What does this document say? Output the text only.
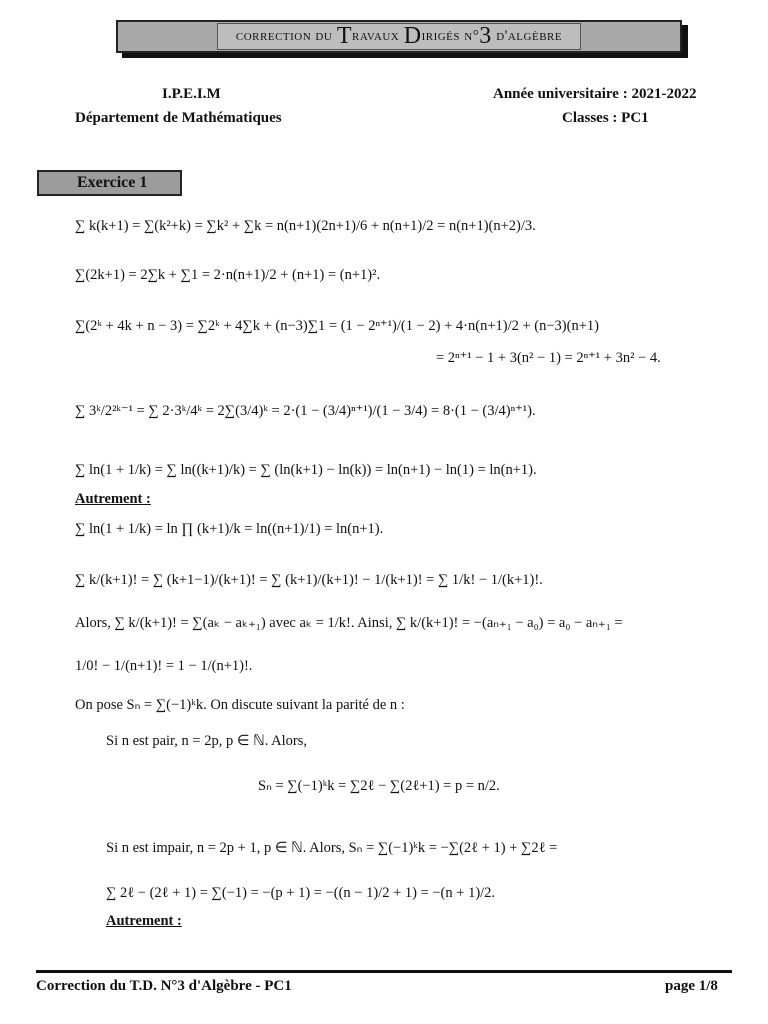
correction du
T ravaux
D irigés n° 3
d'algèbre
I.P.E.I.M	Année universitaire : 2021-2022
Département de Mathématiques	Classes : PC1
Exercice 1
∑ k(k+1) = ∑(k²+k) = ∑k² + ∑k = n(n+1)(2n+1)/6 + n(n+1)/2 = n(n+1)(n+2)/3.
∑(2k+1) = 2∑k + ∑1 = 2·n(n+1)/2 + (n+1) = (n+1)².
∑(2ᵏ + 4k + n − 3) = ∑2ᵏ + 4∑k + (n−3)∑1 = (1 − 2ⁿ⁺¹)/(1 − 2) + 4·n(n+1)/2 + (n−3)(n+1)
= 2ⁿ⁺¹ − 1 + 3(n² − 1) = 2ⁿ⁺¹ + 3n² − 4.
∑ 3ᵏ/2²ᵏ⁻¹ = ∑ 2·3ᵏ/4ᵏ = 2∑(3/4)ᵏ = 2·(1 − (3/4)ⁿ⁺¹)/(1 − 3/4) = 8·(1 − (3/4)ⁿ⁺¹).
∑ ln(1 + 1/k) = ∑ ln((k+1)/k) = ∑ (ln(k+1) − ln(k)) = ln(n+1) − ln(1) = ln(n+1).
Autrement :
∑ ln(1 + 1/k) = ln ∏ (k+1)/k = ln((n+1)/1) = ln(n+1).
∑ k/(k+1)! = ∑ (k+1−1)/(k+1)! = ∑ (k+1)/(k+1)! − 1/(k+1)! = ∑ 1/k! − 1/(k+1)!.
Alors, ∑ k/(k+1)! = ∑(aₖ − aₖ₊₁) avec aₖ = 1/k!. Ainsi, ∑ k/(k+1)! = −(aₙ₊₁ − a₀) = a₀ − aₙ₊₁ =
1/0! − 1/(n+1)! = 1 − 1/(n+1)!.
On pose Sₙ = ∑(−1)ᵏk. On discute suivant la parité de n :
Si n est pair, n = 2p, p ∈ ℕ. Alors,
Sₙ = ∑(−1)ᵏk = ∑2ℓ − ∑(2ℓ+1) = p = n/2.
Si n est impair, n = 2p + 1, p ∈ ℕ. Alors, Sₙ = ∑(−1)ᵏk = −∑(2ℓ + 1) + ∑2ℓ =
∑ 2ℓ − (2ℓ + 1) = ∑(−1) = −(p + 1) = −((n − 1)/2 + 1) = −(n + 1)/2.
Autrement :
Correction du T.D. N°3 d'Algèbre - PC1	page 1/8
